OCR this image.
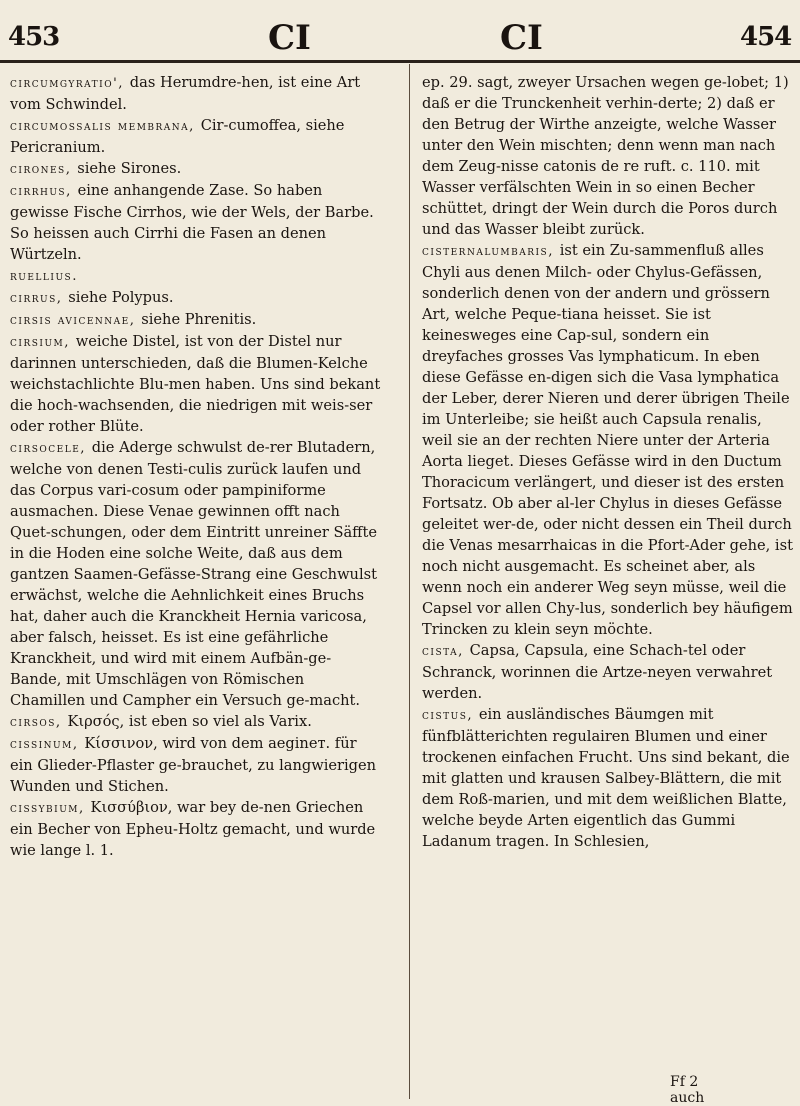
453	CI	CI	454

circumgyratio', das Herumdre-hen, ist eine Art vom Schwindel.

circumossalis membrana, Cir-cumoffea, siehe Pericranium.

cirones, siehe Sirones.

cirrhus, eine anhangende Zase. So haben gewisse Fische Cirrhos, wie der Wels, der Barbe. So heissen auch Cirrhi die Fasen an denen Würtzeln.

ruellius.

cirrus, siehe Polypus.

cirsis avicennae, siehe Phrenitis.

cirsium, weiche Distel, ist von der Distel nur darinnen unterschieden, daß die Blumen-Kelche weichstachlichte Blu-men haben. Uns sind bekant die hoch-wachsenden, die niedrigen mit weis-ser oder rother Blüte.

cirsocele, die Aderge schwulst de-rer Blutadern, welche von denen Testi-culis zurück laufen und das Corpus vari-cosum oder pampiniforme ausmachen. Diese Venae gewinnen offt nach Quet-schungen, oder dem Eintritt unreiner Säffte in die Hoden eine solche Weite, daß aus dem gantzen Saamen-Gefässe-Strang eine Geschwulst erwächst, welche die Aehnlichkeit eines Bruchs hat, daher auch die Kranckheit Hernia varicosa, aber falsch, heisset. Es ist eine gefährliche Kranckheit, und wird mit einem Aufbän-ge-Bande, mit Umschlägen von Römischen Chamillen und Campher ein Versuch ge-macht.

cirsos, Κιρσός, ist eben so viel als Varix.

cissinum, Κίσσινον, wird von dem aegineт. für ein Glieder-Pflaster ge-brauchet, zu langwierigen Wunden und Stichen.

cissybium, Κισσύβιον, war bey de-nen Griechen ein Becher von Epheu-Holtz gemacht, und wurde wie lange l. 1.

ep. 29. sagt, zweyer Ursachen wegen ge-lobet; 1) daß er die Trunckenheit verhin-derte; 2) daß er den Betrug der Wirthe anzeigte, welche Wasser unter den Wein mischten; denn wenn man nach dem Zeug-nisse catonis de re ruft. c. 110. mit Wasser verfälschten Wein in so einen Becher schüttet, dringt der Wein durch die Poros durch und das Wasser bleibt zurück.

cisternalumbaris, ist ein Zu-sammenfluß alles Chyli aus denen Milch- oder Chylus-Gefässen, sonderlich denen von der andern und grössern Art, welche Peque-tiana heisset. Sie ist keinesweges eine Cap-sul, sondern ein dreyfaches grosses Vas lymphaticum. In eben diese Gefässe en-digen sich die Vasa lymphatica der Leber, derer Nieren und derer übrigen Theile im Unterleibe; sie heißt auch Capsula renalis, weil sie an der rechten Niere unter der Arteria Aorta lieget. Dieses Gefässe wird in den Ductum Thoracicum verlängert, und dieser ist des ersten Fortsatz. Ob aber al-ler Chylus in dieses Gefässe geleitet wer-de, oder nicht dessen ein Theil durch die Venas mesarrhaicas in die Pfort-Ader gehe, ist noch nicht ausgemacht. Es scheinet aber, als wenn noch ein anderer Weg seyn müsse, weil die Capsel vor allen Chy-lus, sonderlich bey häufigem Trincken zu klein seyn möchte.

cista, Capsa, Capsula, eine Schach-tel oder Schranck, worinnen die Artze-neyen verwahret werden.

cistus, ein ausländisches Bäumgen mit fünfblätterichten regulairen Blumen und einer trockenen einfachen Frucht. Uns sind bekant, die mit glatten und krausen Salbey-Blättern, die mit dem Roß-marien, und mit dem weißlichen Blatte, welche beyde Arten eigentlich das Gummi Ladanum tragen. In Schlesien,

Ff 2  auch
